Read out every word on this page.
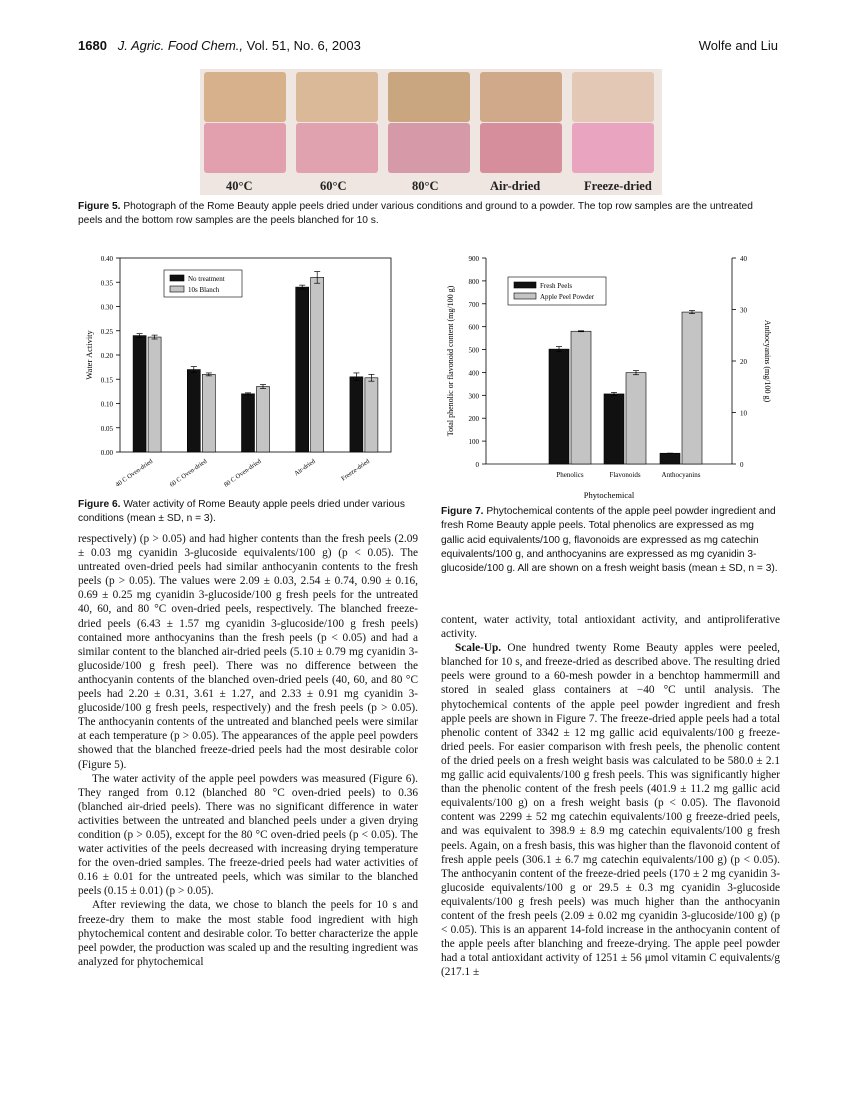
1680 J. Agric. Food Chem., Vol. 51, No. 6, 2003	Wolfe and Liu
40°C	60°C	80°C	Air-dried	Freeze-dried
Figure 5. Photograph of the Rome Beauty apple peels dried under various conditions and ground to a powder. The top row samples are the untreated peels and the bottom row samples are the peels blanched for 10 s.
0.00
0.05
0.10
0.15
0.20
0.25
0.30
0.35
0.40
Water Activity
40 C Oven-dried 60 C Oven-dried 80 C Oven-dried	Air-dried	Freeze-dried
No treatment
10s Blanch
Figure 6. Water activity of Rome Beauty apple peels dried under various conditions (mean ± SD, n = 3).
0
100
200
300
400
500
600
700
800
900
0
10
20
30
40
Total phenolic or flavonoid content (mg/100 g)	Anthocyanins (mg/100 g)
Phytochemical
Phenolics	Flavonoids	Anthocyanins
Fresh Peels
Apple Peel Powder
Figure 7. Phytochemical contents of the apple peel powder ingredient and fresh Rome Beauty apple peels. Total phenolics are expressed as mg gallic acid equivalents/100 g, flavonoids are expressed as mg catechin equivalents/100 g, and anthocyanins are expressed as mg cyanidin 3-glucoside/100 g. All are shown on a fresh weight basis (mean ± SD, n = 3).

respectively) (p > 0.05) and had higher contents than the fresh peels (2.09 ± 0.03 mg cyanidin 3-glucoside equivalents/100 g) (p < 0.05). The untreated oven-dried peels had similar anthocyanin contents to the fresh peels (p > 0.05). The values were 2.09 ± 0.03, 2.54 ± 0.74, 0.90 ± 0.16, 0.69 ± 0.25 mg cyanidin 3-glucoside/100 g fresh peels for the untreated 40, 60, and 80 °C oven-dried peels, respectively. The blanched freeze-dried peels (6.43 ± 1.57 mg cyanidin 3-glucoside/100 g fresh peels) contained more anthocyanins than the fresh peels (p < 0.05) and had a similar content to the blanched air-dried peels (5.10 ± 0.79 mg cyanidin 3-glucoside/100 g fresh peel). There was no difference between the anthocyanin contents of the blanched oven-dried peels (40, 60, and 80 °C peels had 2.20 ± 0.31, 3.61 ± 1.27, and 2.33 ± 0.91 mg cyanidin 3-glucoside/100 g fresh peels, respectively) and the fresh peels (p > 0.05). The anthocyanin contents of the untreated and blanched peels were similar at each temperature (p > 0.05). The appearances of the apple peel powders showed that the blanched freeze-dried peels had the most desirable color (Figure 5).

The water activity of the apple peel powders was measured (Figure 6). They ranged from 0.12 (blanched 80 °C oven-dried peels) to 0.36 (blanched air-dried peels). There was no significant difference in water activities between the untreated and blanched peels under a given drying condition (p > 0.05), except for the 80 °C oven-dried peels (p < 0.05). The water activities of the peels decreased with increasing drying temperature for the oven-dried samples. The freeze-dried peels had water activities of 0.16 ± 0.01 for the untreated peels, which was similar to the blanched peels (0.15 ± 0.01) (p > 0.05).

After reviewing the data, we chose to blanch the peels for 10 s and freeze-dry them to make the most stable food ingredient with high phytochemical content and desirable color. To better characterize the apple peel powder, the production was scaled up and the resulting ingredient was analyzed for phytochemical

content, water activity, total antioxidant activity, and antiproliferative activity.

Scale-Up. One hundred twenty Rome Beauty apples were peeled, blanched for 10 s, and freeze-dried as described above. The resulting dried peels were ground to a 60-mesh powder in a benchtop hammermill and stored in sealed glass containers at −40 °C until analysis. The phytochemical contents of the apple peel powder ingredient and fresh apple peels are shown in Figure 7. The freeze-dried apple peels had a total phenolic content of 3342 ± 12 mg gallic acid equivalents/100 g freeze-dried peels. For easier comparison with fresh peels, the phenolic content of the dried peels on a fresh weight basis was calculated to be 580.0 ± 2.1 mg gallic acid equivalents/100 g fresh peels. This was significantly higher than the phenolic content of the fresh peels (401.9 ± 11.2 mg gallic acid equivalents/100 g) on a fresh weight basis (p < 0.05). The flavonoid content was 2299 ± 52 mg catechin equivalents/100 g freeze-dried peels, and was equivalent to 398.9 ± 8.9 mg catechin equivalents/100 g fresh peels. Again, on a fresh basis, this was higher than the flavonoid content of fresh apple peels (306.1 ± 6.7 mg catechin equivalents/100 g) (p < 0.05). The anthocyanin content of the freeze-dried peels (170 ± 2 mg cyanidin 3-glucoside equivalents/100 g or 29.5 ± 0.3 mg cyanidin 3-glucoside equivalents/100 g fresh peels) was much higher than the anthocyanin content of the fresh peels (2.09 ± 0.02 mg cyanidin 3-glucoside/100 g) (p < 0.05). This is an apparent 14-fold increase in the anthocyanin content of the apple peels after blanching and freeze-drying. The apple peel powder had a total antioxidant activity of 1251 ± 56 μmol vitamin C equivalents/g (217.1 ±
